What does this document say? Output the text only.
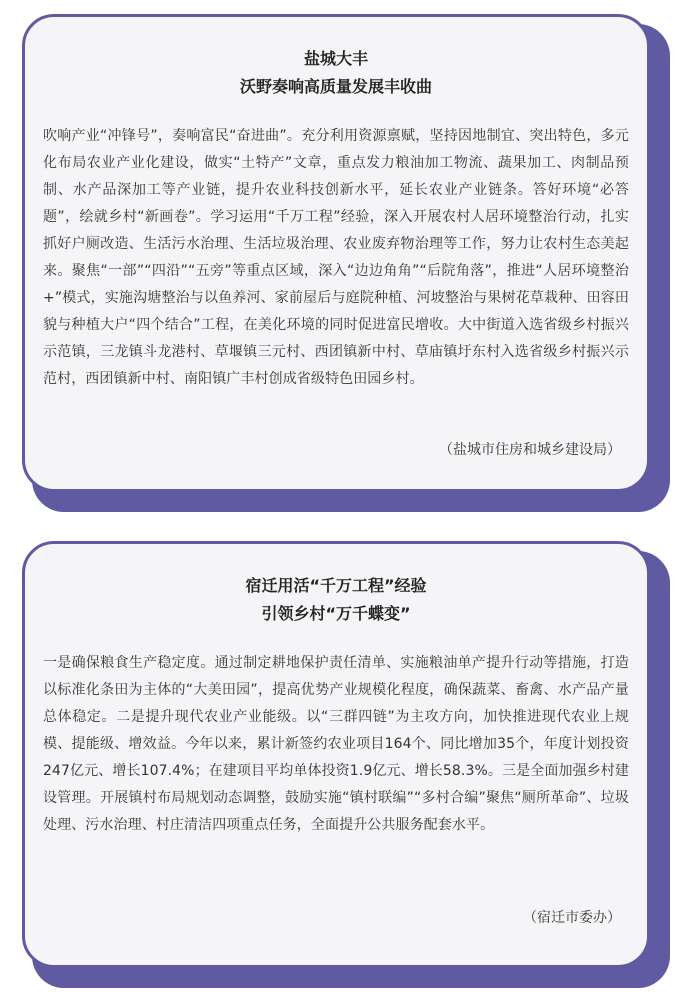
盐城大丰

沃野奏响高质量发展丰收曲

吹响产业“冲锋号”，奏响富民“奋进曲”。充分利用资源禀赋，坚持因地制宜、突出特色，多元化布局农业产业化建设，做实“土特产”文章，重点发力粮油加工物流、蔬果加工、肉制品预制、水产品深加工等产业链，提升农业科技创新水平，延长农业产业链条。答好环境“必答题”，绘就乡村“新画卷”。学习运用“千万工程”经验，深入开展农村人居环境整治行动，扎实抓好户厕改造、生活污水治理、生活垃圾治理、农业废弃物治理等工作，努力让农村生态美起来。聚焦“一部”“四沿”“五旁”等重点区域，深入“边边角角”“后院角落”，推进“人居环境整治+”模式，实施沟塘整治与以鱼养河、家前屋后与庭院种植、河坡整治与果树花草栽种、田容田貌与种植大户“四个结合”工程，在美化环境的同时促进富民增收。大中街道入选省级乡村振兴示范镇，三龙镇斗龙港村、草堰镇三元村、西团镇新中村、草庙镇圩东村入选省级乡村振兴示范村，西团镇新中村、南阳镇广丰村创成省级特色田园乡村。

（盐城市住房和城乡建设局）

宿迁用活“千万工程”经验

引领乡村“万千蝶变”

一是确保粮食生产稳定度。通过制定耕地保护责任清单、实施粮油单产提升行动等措施，打造以标准化条田为主体的“大美田园”，提高优势产业规模化程度，确保蔬菜、畜禽、水产品产量总体稳定。二是提升现代农业产业能级。以“三群四链”为主攻方向，加快推进现代农业上规模、提能级、增效益。今年以来，累计新签约农业项目164个、同比增加35个，年度计划投资247亿元、增长107.4%；在建项目平均单体投资1.9亿元、增长58.3%。三是全面加强乡村建设管理。开展镇村布局规划动态调整，鼓励实施“镇村联编”“多村合编”聚焦“厕所革命”、垃圾处理、污水治理、村庄清洁四项重点任务，全面提升公共服务配套水平。

（宿迁市委办）
